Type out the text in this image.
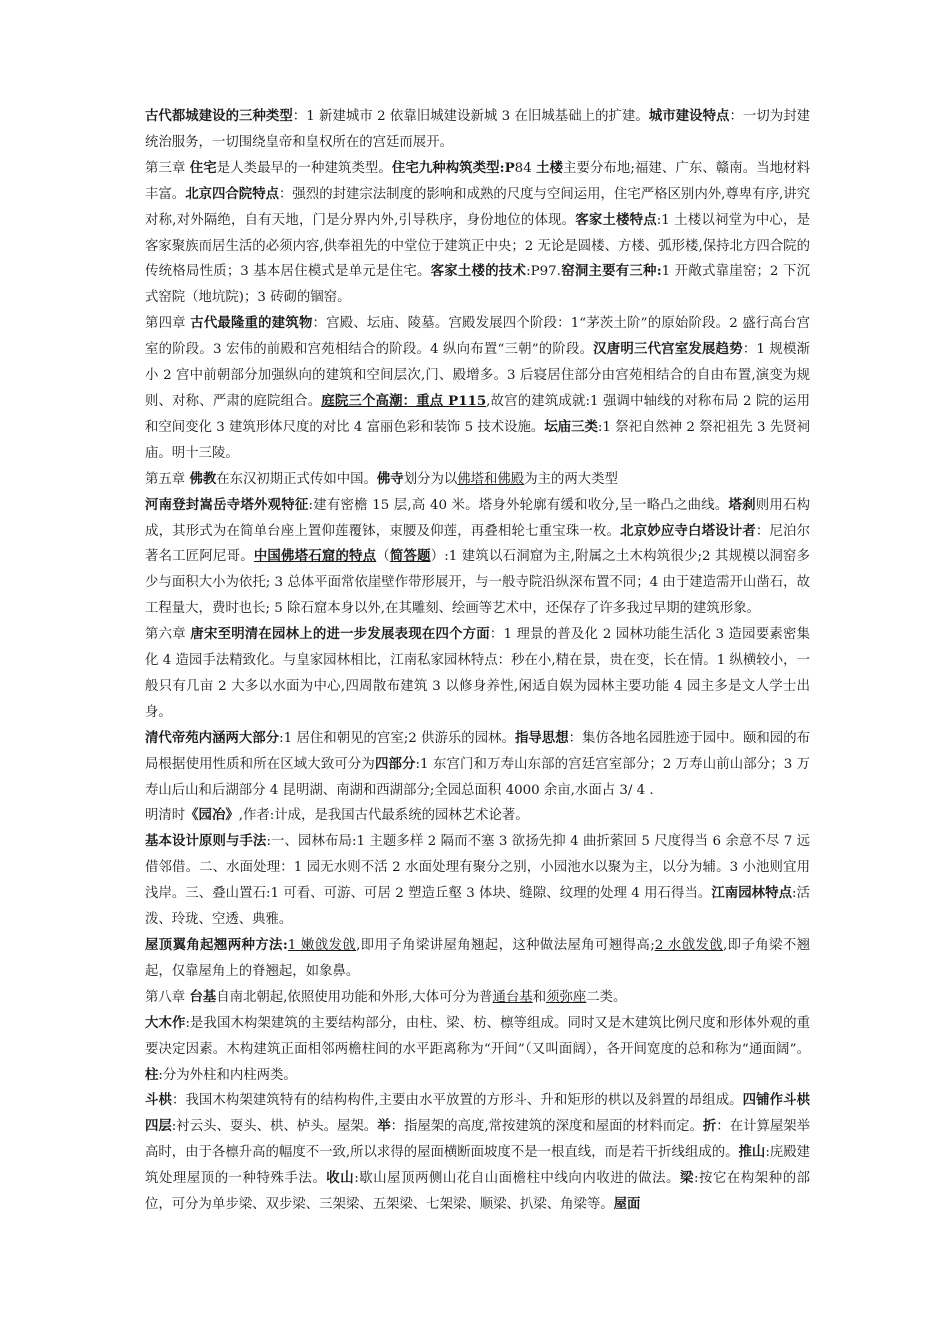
古代都城建设的三种类型：1 新建城市 2 依靠旧城建设新城 3 在旧城基础上的扩建。城市建设特点：一切为封建统治服务，一切围绕皇帝和皇权所在的宫廷而展开。

第三章 住宅是人类最早的一种建筑类型。住宅九种构筑类型:P84 土楼主要分布地;福建、广东、赣南。当地材料丰富。北京四合院特点：强烈的封建宗法制度的影响和成熟的尺度与空间运用，住宅严格区别内外,尊卑有序,讲究对称,对外隔绝，自有天地，门是分界内外,引导秩序，身份地位的体现。客家土楼特点:1 土楼以祠堂为中心，是客家聚族而居生活的必须内容,供奉祖先的中堂位于建筑正中央；2 无论是圆楼、方楼、弧形楼,保持北方四合院的传统格局性质；3 基本居住模式是单元是住宅。客家土楼的技术:P97.窑洞主要有三种:1 开敞式靠崖窑；2 下沉式窑院（地坑院)；3 砖砌的锢窑。

第四章 古代最隆重的建筑物：宫殿、坛庙、陵墓。宫殿发展四个阶段：1“茅茨土阶”的原始阶段。2 盛行高台宫室的阶段。3 宏伟的前殿和宫苑相结合的阶段。4 纵向布置“三朝”的阶段。汉唐明三代宫室发展趋势：1 规模渐小 2 宫中前朝部分加强纵向的建筑和空间层次,门、殿增多。3 后寝居住部分由宫苑相结合的自由布置,演变为规则、对称、严肃的庭院组合。庭院三个高潮：重点 P115,故宫的建筑成就:1 强调中轴线的对称布局 2 院的运用和空间变化 3 建筑形体尺度的对比 4 富丽色彩和装饰 5 技术设施。坛庙三类:1 祭祀自然神 2 祭祀祖先 3 先贤祠庙。明十三陵。

第五章 佛教在东汉初期正式传如中国。佛寺划分为以佛塔和佛殿为主的两大类型

河南登封嵩岳寺塔外观特征:建有密檐 15 层,高 40 米。塔身外轮廓有缓和收分,呈一略凸之曲线。塔刹则用石构成，其形式为在简单台座上置仰莲覆钵，束腰及仰莲，再叠相轮七重宝珠一枚。北京妙应寺白塔设计者：尼泊尔著名工匠阿尼哥。中国佛塔石窟的特点（简答题）:1 建筑以石洞窟为主,附属之土木构筑很少;2 其规模以洞窑多少与面积大小为依托; 3 总体平面常依崖壁作带形展开，与一般寺院沿纵深布置不同；4 由于建造需开山凿石，故工程量大，费时也长; 5 除石窟本身以外,在其雕刻、绘画等艺术中，还保存了许多我过早期的建筑形象。

第六章 唐宋至明清在园林上的进一步发展表现在四个方面：1 理景的普及化 2 园林功能生活化 3 造园要素密集化 4 造园手法精致化。与皇家园林相比，江南私家园林特点：秒在小,精在景，贵在变，长在情。1 纵横较小，一般只有几亩 2 大多以水面为中心,四周散布建筑 3 以修身养性,闲适自娱为园林主要功能 4 园主多是文人学士出身。

清代帝苑内涵两大部分:1 居住和朝见的宫室;2 供游乐的园林。指导思想：集仿各地名园胜迹于园中。颐和园的布局根据使用性质和所在区域大致可分为四部分:1 东宫门和万寿山东部的宫廷宫室部分；2 万寿山前山部分；3 万寿山后山和后湖部分 4 昆明湖、南湖和西湖部分;全园总面积 4000 余亩,水面占 3/ 4 .

明清时《园冶》,作者:计成，是我国古代最系统的园林艺术论著。

基本设计原则与手法:一、园林布局:1 主题多样 2 隔而不塞 3 欲扬先抑 4 曲折萦回 5 尺度得当 6 余意不尽 7 远借邻借。二、水面处理：1 园无水则不活 2 水面处理有聚分之别，小园池水以聚为主，以分为辅。3 小池则宜用浅岸。三、叠山置石:1 可看、可游、可居 2 塑造丘壑 3 体块、缝隙、纹理的处理 4 用石得当。江南园林特点:活泼、玲珑、空透、典雅。

屋顶翼角起翘两种方法:1 嫩戗发戗,即用子角梁讲屋角翘起，这种做法屋角可翘得高;2 水戗发戗,即子角梁不翘起，仅靠屋角上的脊翘起，如象鼻。

第八章 台基自南北朝起,依照使用功能和外形,大体可分为普通台基和须弥座二类。

大木作:是我国木构架建筑的主要结构部分，由柱、梁、枋、檩等组成。同时又是木建筑比例尺度和形体外观的重要决定因素。木构建筑正面相邻两檐柱间的水平距离称为“开间”（又叫面阔），各开间宽度的总和称为“通面阔”。柱:分为外柱和内柱两类。

斗栱：我国木构架建筑特有的结构构件,主要由水平放置的方形斗、升和矩形的栱以及斜置的昂组成。四铺作斗栱四层:衬云头、耍头、栱、栌头。屋架。举：指屋架的高度,常按建筑的深度和屋面的材料而定。折：在计算屋架举高时，由于各檩升高的幅度不一致,所以求得的屋面横断面坡度不是一根直线，而是若干折线组成的。推山:庑殿建筑处理屋顶的一种特殊手法。收山:歇山屋顶两侧山花自山面檐柱中线向内收进的做法。梁:按它在构架种的部位，可分为单步梁、双步梁、三架梁、五架梁、七架梁、顺梁、扒梁、角梁等。屋面
